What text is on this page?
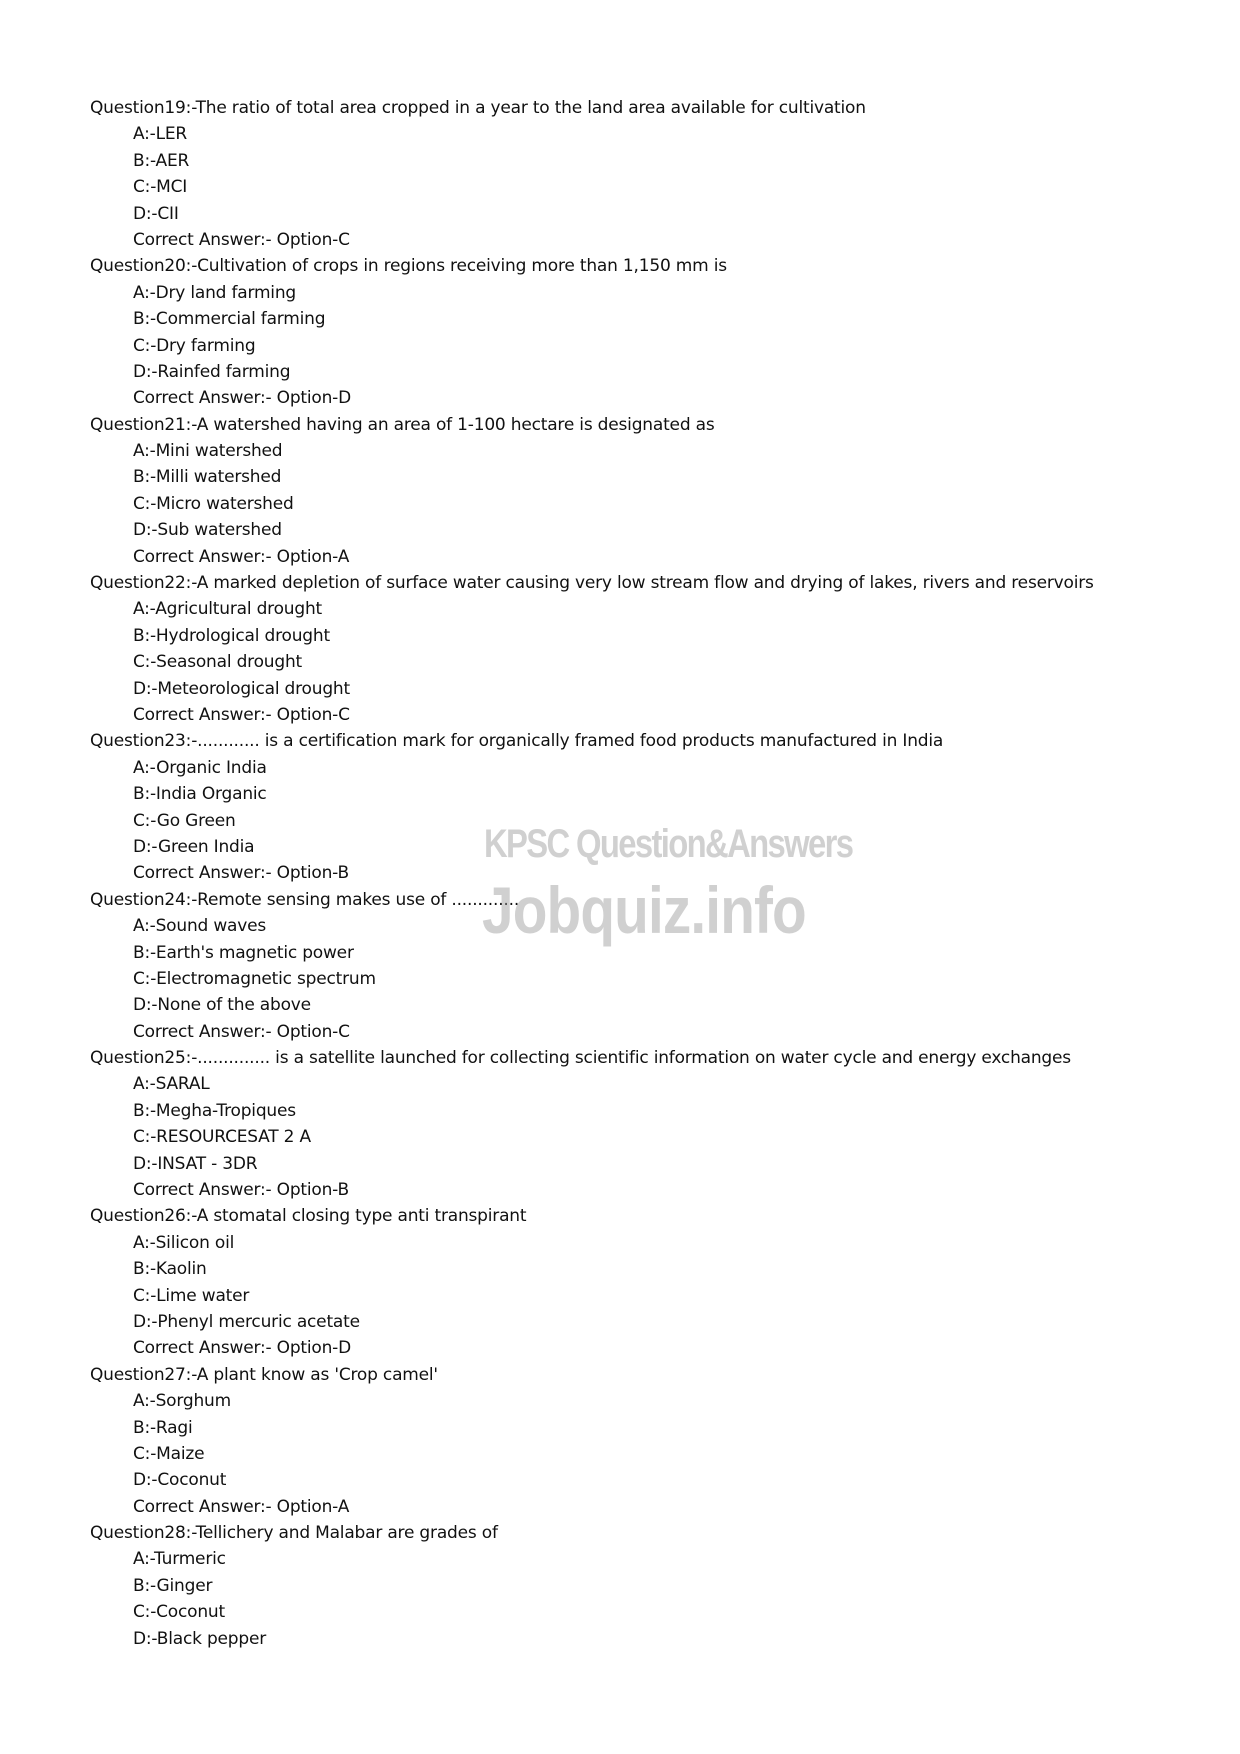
Question19:-The ratio of total area cropped in a year to the land area available for cultivation
A:-LER
B:-AER
C:-MCI
D:-CII
Correct Answer:- Option-C
Question20:-Cultivation of crops in regions receiving more than 1,150 mm is
A:-Dry land farming
B:-Commercial farming
C:-Dry farming
D:-Rainfed farming
Correct Answer:- Option-D
Question21:-A watershed having an area of 1-100 hectare is designated as
A:-Mini watershed
B:-Milli watershed
C:-Micro watershed
D:-Sub watershed
Correct Answer:- Option-A
Question22:-A marked depletion of surface water causing very low stream flow and drying of lakes, rivers and reservoirs
A:-Agricultural drought
B:-Hydrological drought
C:-Seasonal drought
D:-Meteorological drought
Correct Answer:- Option-C
Question23:-............ is a certification mark for organically framed food products manufactured in India
A:-Organic India
B:-India Organic
C:-Go Green
D:-Green India
Correct Answer:- Option-B
Question24:-Remote sensing makes use of .............
A:-Sound waves
B:-Earth's magnetic power
C:-Electromagnetic spectrum
D:-None of the above
Correct Answer:- Option-C
Question25:-.............. is a satellite launched for collecting scientific information on water cycle and energy exchanges
A:-SARAL
B:-Megha-Tropiques
C:-RESOURCESAT 2 A
D:-INSAT - 3DR
Correct Answer:- Option-B
Question26:-A stomatal closing type anti transpirant
A:-Silicon oil
B:-Kaolin
C:-Lime water
D:-Phenyl mercuric acetate
Correct Answer:- Option-D
Question27:-A plant know as 'Crop camel'
A:-Sorghum
B:-Ragi
C:-Maize
D:-Coconut
Correct Answer:- Option-A
Question28:-Tellichery and Malabar are grades of
A:-Turmeric
B:-Ginger
C:-Coconut
D:-Black pepper
KPSC Question&Answers
Jobquiz.info
